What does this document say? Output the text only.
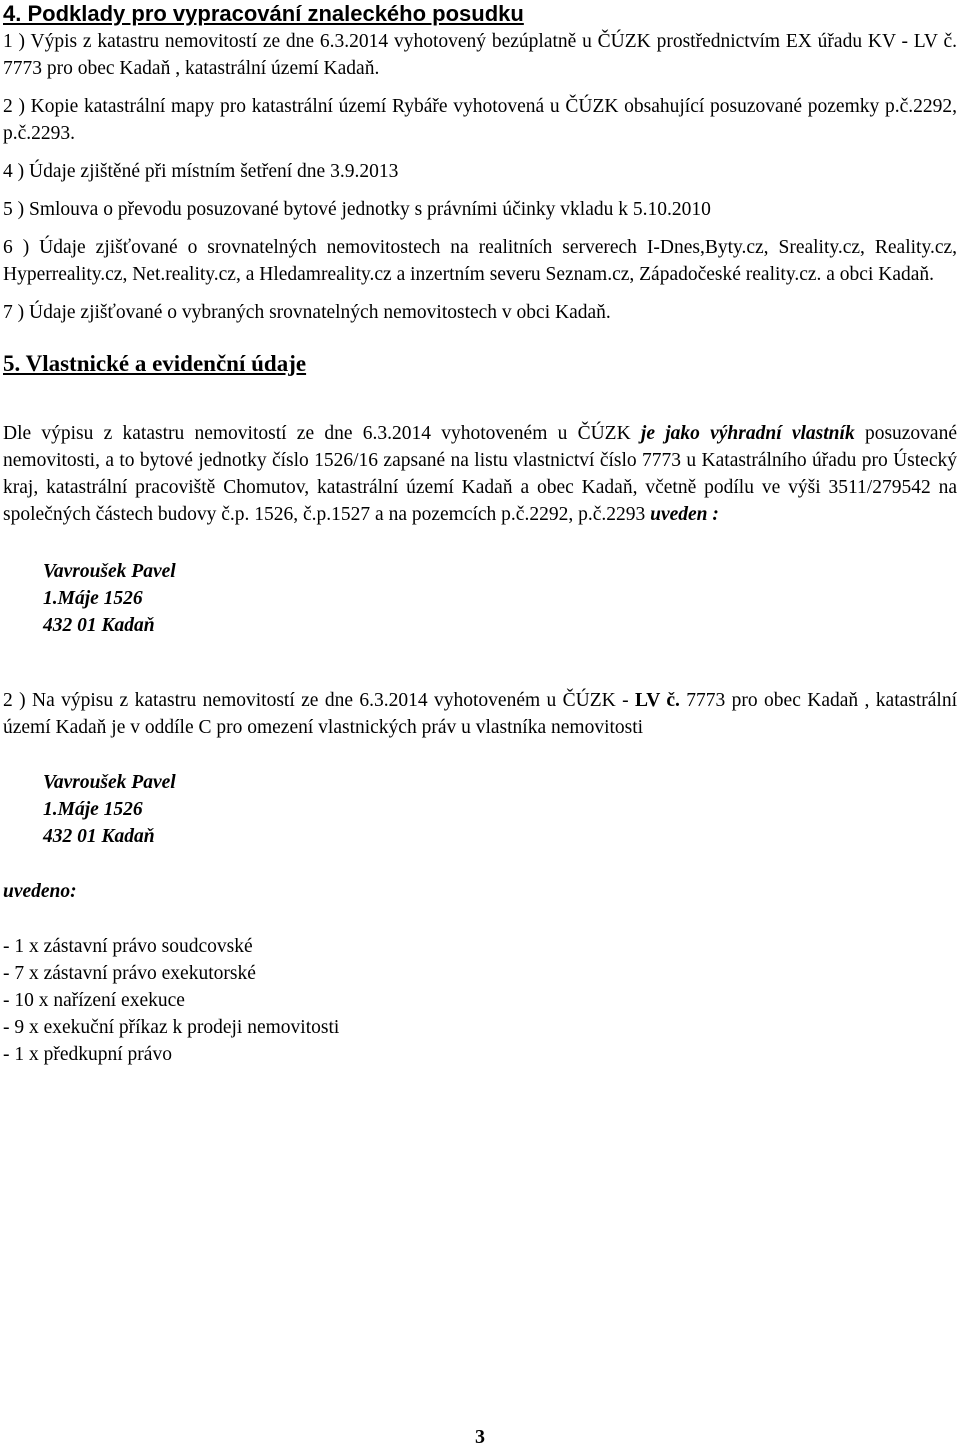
4. Podklady pro vypracování znaleckého posudku

1 ) Výpis z katastru nemovitostí ze dne 6.3.2014 vyhotovený bezúplatně u ČÚZK prostřednictvím EX úřadu KV - LV č. 7773 pro obec Kadaň , katastrální území Kadaň.

2 ) Kopie katastrální mapy pro katastrální území Rybáře vyhotovená u ČÚZK obsahující posuzované pozemky p.č.2292, p.č.2293.

4 ) Údaje zjištěné při místním šetření dne 3.9.2013

5 ) Smlouva o převodu posuzované bytové jednotky s právními účinky vkladu k 5.10.2010

6 ) Údaje zjišťované o srovnatelných nemovitostech na realitních serverech I-Dnes,Byty.cz, Sreality.cz, Reality.cz, Hyperreality.cz, Net.reality.cz, a Hledamreality.cz a inzertním severu Seznam.cz, Západočeské reality.cz. a obci Kadaň.

7 ) Údaje zjišťované o vybraných srovnatelných nemovitostech v obci Kadaň.

5. Vlastnické a evidenční údaje

Dle výpisu z katastru nemovitostí ze dne 6.3.2014 vyhotoveném u ČÚZK je jako výhradní vlastník posuzované nemovitosti, a to bytové jednotky číslo 1526/16 zapsané na listu vlastnictví číslo 7773 u Katastrálního úřadu pro Ústecký kraj, katastrální pracoviště Chomutov, katastrální území Kadaň a obec Kadaň, včetně podílu ve výši 3511/279542 na společných částech budovy č.p. 1526, č.p.1527 a na pozemcích p.č.2292, p.č.2293 uveden :

Vavroušek Pavel

1.Máje 1526

432 01 Kadaň

2 ) Na výpisu z katastru nemovitostí ze dne 6.3.2014 vyhotoveném u ČÚZK - LV č. 7773 pro obec Kadaň , katastrální území Kadaň je v oddíle C pro omezení vlastnických práv u vlastníka nemovitosti

Vavroušek Pavel

1.Máje 1526

432 01 Kadaň

uvedeno:

- 1 x zástavní právo soudcovské
- 7 x zástavní právo exekutorské
- 10 x nařízení exekuce
- 9 x exekuční příkaz k prodeji nemovitosti
- 1 x předkupní právo
3
